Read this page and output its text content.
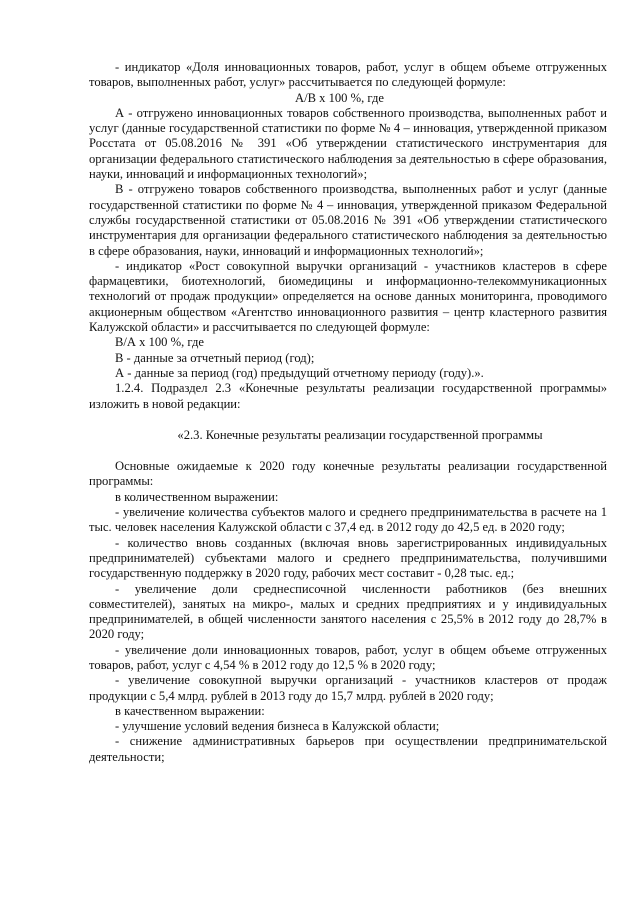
- индикатор «Доля инновационных товаров, работ, услуг в общем объеме отгруженных товаров, выполненных работ, услуг» рассчитывается по следующей формуле:

А/В х 100 %, где

А - отгружено инновационных товаров собственного производства, выполненных работ и услуг (данные государственной статистики по форме № 4 – инновация, утвержденной приказом Росстата от 05.08.2016 № 391 «Об утверждении статистического инструментария для организации федерального статистического наблюдения за деятельностью в сфере образования, науки, инноваций и информационных технологий»;

В - отгружено товаров собственного производства, выполненных работ и услуг (данные государственной статистики по форме № 4 – инновация, утвержденной приказом Федеральной службы государственной статистики от 05.08.2016 № 391 «Об утверждении статистического инструментария для организации федерального статистического наблюдения за деятельностью в сфере образования, науки, инноваций и информационных технологий»;

- индикатор «Рост совокупной выручки организаций - участников кластеров в сфере фармацевтики, биотехнологий, биомедицины и информационно-телекоммуникационных технологий от продаж продукции» определяется на основе данных мониторинга, проводимого акционерным обществом «Агентство инновационного развития – центр кластерного развития Калужской области» и рассчитывается по следующей формуле:

В/А х 100 %, где

В - данные за отчетный период (год);

А - данные за период (год) предыдущий отчетному периоду (году).».

1.2.4. Подраздел 2.3 «Конечные результаты реализации государственной программы» изложить в новой редакции:

«2.3. Конечные результаты реализации государственной программы

Основные ожидаемые к 2020 году конечные результаты реализации государственной программы:

в количественном выражении:

- увеличение количества субъектов малого и среднего предпринимательства в расчете на 1 тыс. человек населения Калужской области с 37,4 ед. в 2012 году до 42,5 ед. в 2020 году;

- количество вновь созданных (включая вновь зарегистрированных индивидуальных предпринимателей) субъектами малого и среднего предпринимательства, получившими государственную поддержку в 2020 году, рабочих мест составит - 0,28 тыс. ед.;

- увеличение доли среднесписочной численности работников (без внешних совместителей), занятых на микро-, малых и средних предприятиях и у индивидуальных предпринимателей, в общей численности занятого населения с 25,5% в 2012 году до 28,7% в 2020 году;

- увеличение доли инновационных товаров, работ, услуг в общем объеме отгруженных товаров, работ, услуг с 4,54 % в 2012 году до 12,5 % в 2020 году;

- увеличение совокупной выручки организаций - участников кластеров от продаж продукции с 5,4 млрд. рублей в 2013 году до 15,7 млрд. рублей в 2020 году;

в качественном выражении:

- улучшение условий ведения бизнеса в Калужской области;

- снижение административных барьеров при осуществлении предпринимательской деятельности;
